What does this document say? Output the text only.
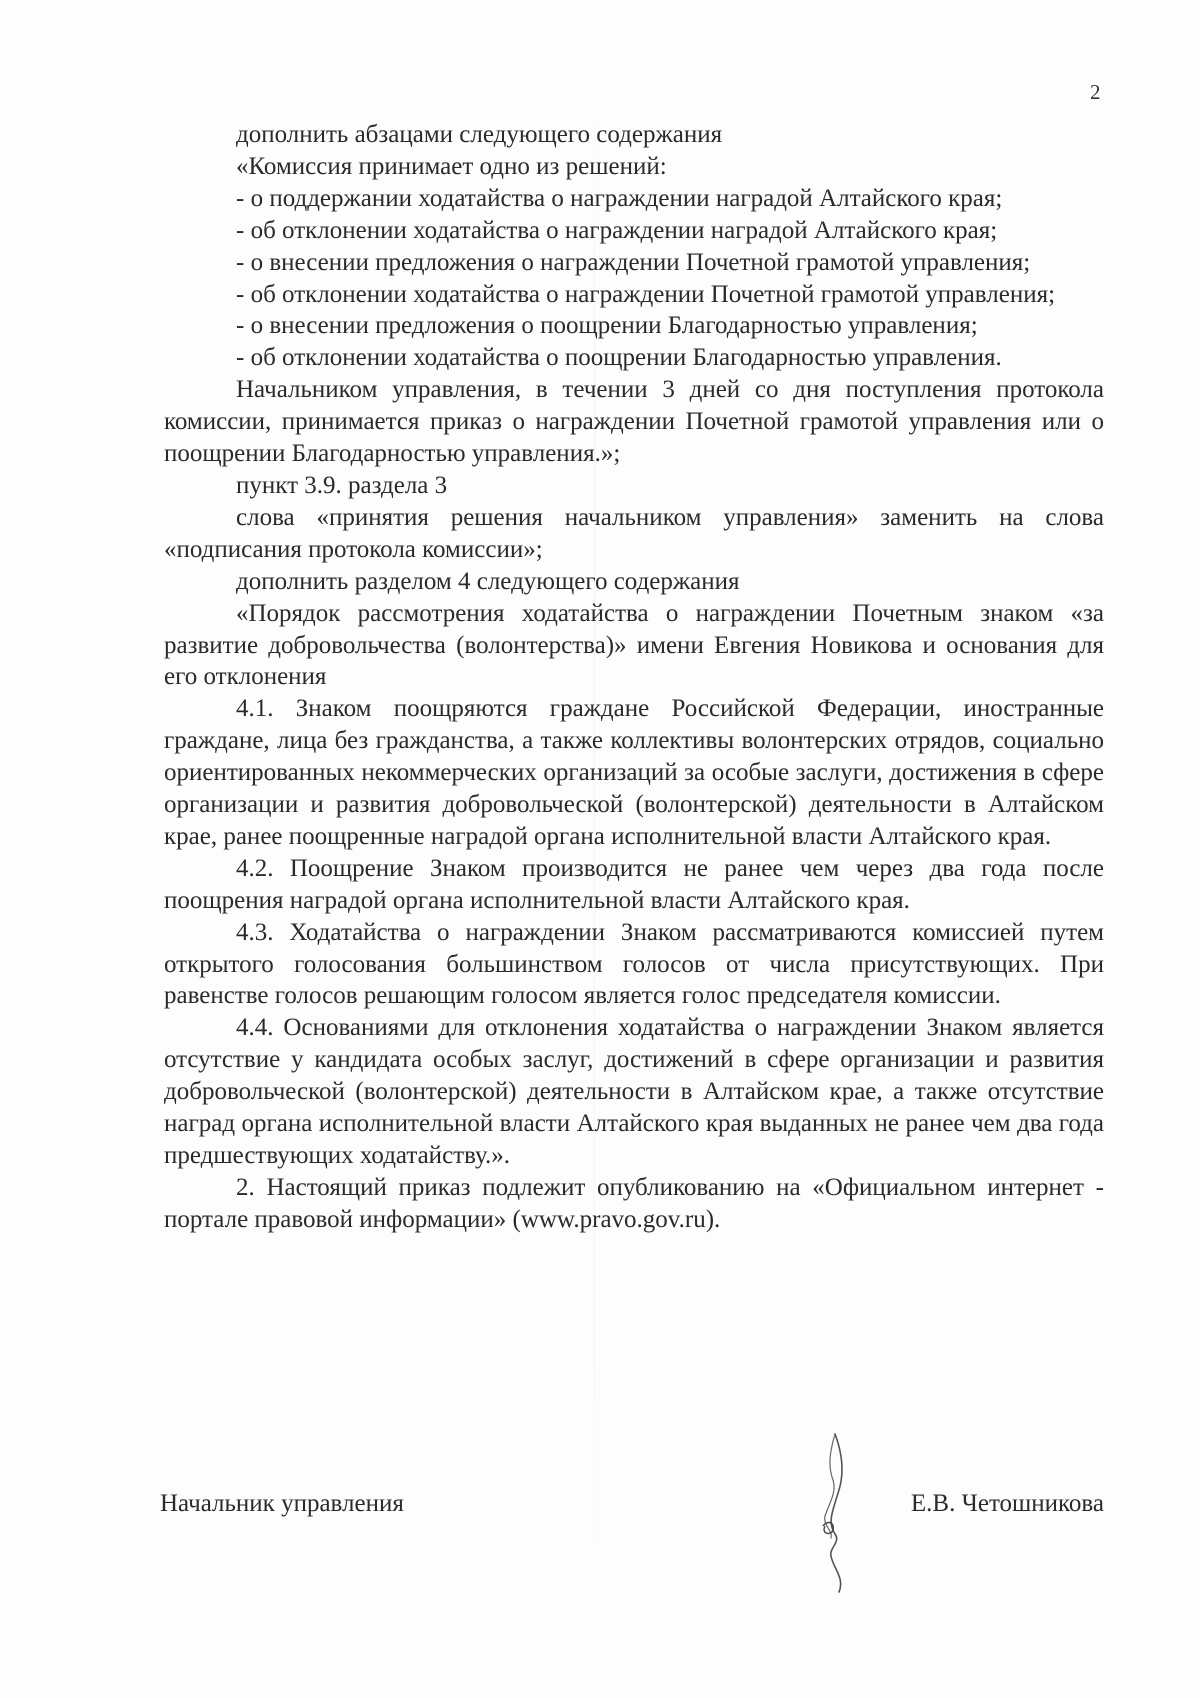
2

дополнить абзацами следующего содержания

«Комиссия принимает одно из решений:

- о поддержании ходатайства о награждении наградой Алтайского края;

- об отклонении ходатайства о награждении наградой Алтайского края;

- о внесении предложения о награждении Почетной грамотой управления;

- об отклонении ходатайства о награждении Почетной грамотой управления;

- о внесении предложения о поощрении Благодарностью управления;

- об отклонении ходатайства о поощрении Благодарностью управления.

Начальником управления, в течении 3 дней со дня поступления протокола комиссии, принимается приказ о награждении Почетной грамотой управления или о поощрении Благодарностью управления.»;

пункт 3.9. раздела 3

слова «принятия решения начальником управления» заменить на слова «подписания протокола комиссии»;

дополнить разделом 4 следующего содержания

«Порядок рассмотрения ходатайства о награждении Почетным знаком «за развитие добровольчества (волонтерства)» имени Евгения Новикова и основания для его отклонения

4.1. Знаком поощряются граждане Российской Федерации, иностранные граждане, лица без гражданства, а также коллективы волонтерских отрядов, социально ориентированных некоммерческих организаций за особые заслуги, достижения в сфере организации и развития добровольческой (волонтерской) деятельности в Алтайском крае, ранее поощренные наградой органа исполнительной власти Алтайского края.

4.2. Поощрение Знаком производится не ранее чем через два года после поощрения наградой органа исполнительной власти Алтайского края.

4.3. Ходатайства о награждении Знаком рассматриваются комиссией путем открытого голосования большинством голосов от числа присутствующих. При равенстве голосов решающим голосом является голос председателя комиссии.

4.4. Основаниями для отклонения ходатайства о награждении Знаком является отсутствие у кандидата особых заслуг, достижений в сфере организации и развития добровольческой (волонтерской) деятельности в Алтайском крае, а также отсутствие наград органа исполнительной власти Алтайского края выданных не ранее чем два года предшествующих ходатайству.».

2. Настоящий приказ подлежит опубликованию на «Официальном интернет - портале правовой информации» (www.pravo.gov.ru).

Начальник управления	Е.В. Четошникова
